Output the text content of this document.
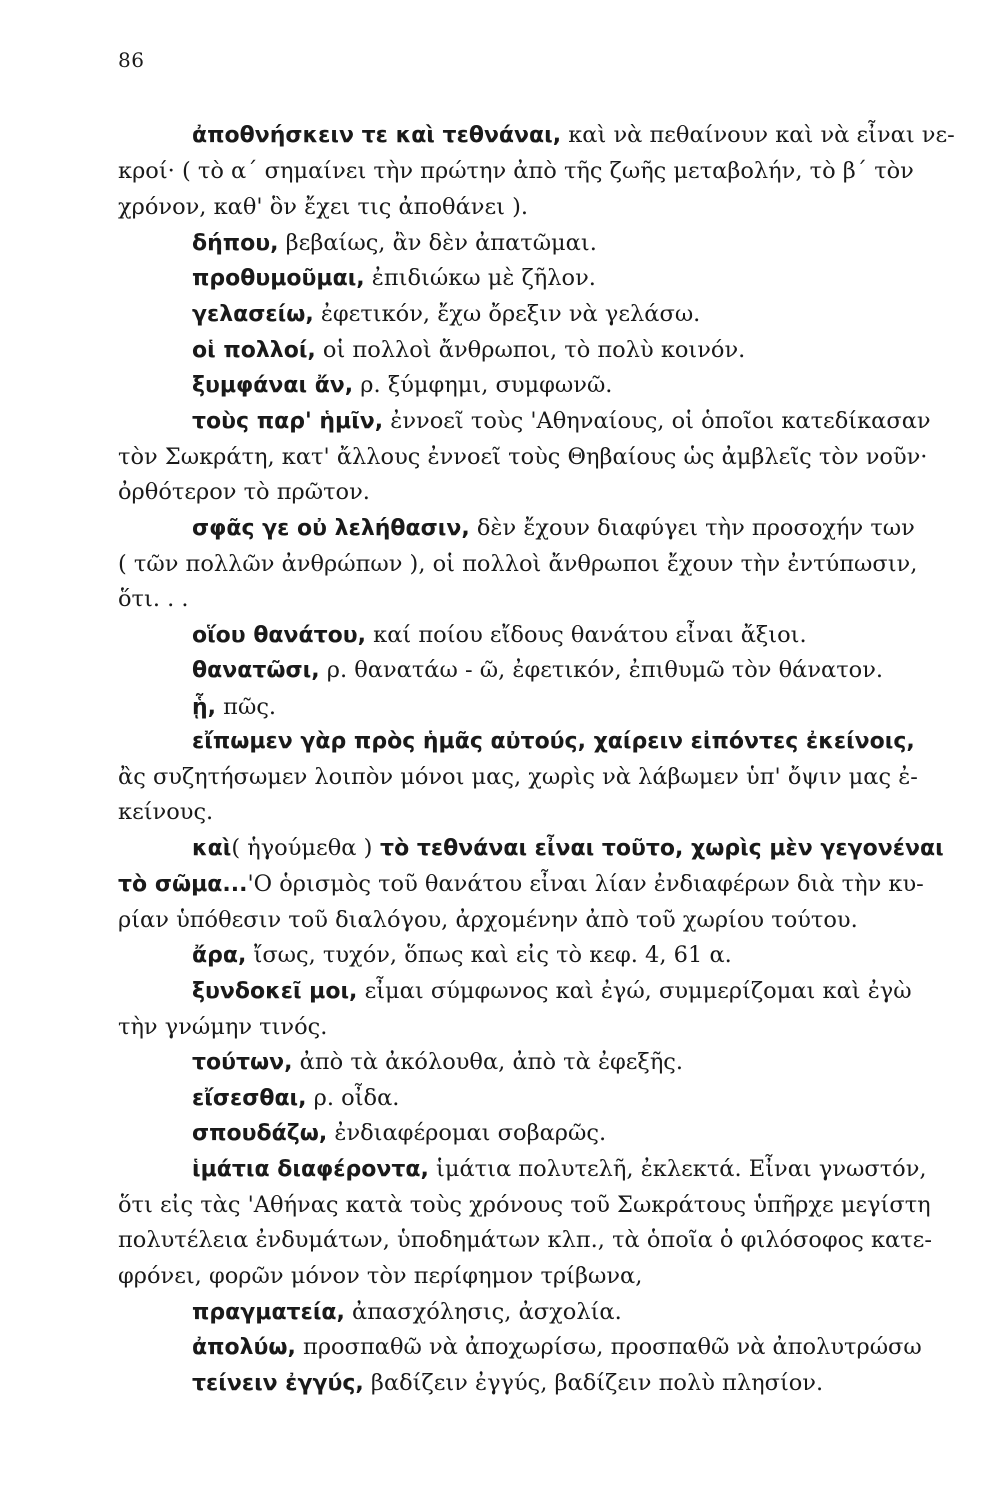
86
ἀποθνήσκειν τε καὶ τεθνάναι, καὶ νὰ πεθαίνουν καὶ νὰ εἶναι νε-
κροί· ( τὸ α΄ σημαίνει τὴν πρώτην ἀπὸ τῆς ζωῆς μεταβολήν, τὸ β΄ τὸν
χρόνον, καθ' ὃν ἔχει τις ἀποθάνει ).
δήπου, βεβαίως, ἂν δὲν ἀπατῶμαι.
προθυμοῦμαι, ἐπιδιώκω μὲ ζῆλον.
γελασείω, ἐφετικόν, ἔχω ὄρεξιν νὰ γελάσω.
οἱ πολλοί, οἱ πολλοὶ ἄνθρωποι, τὸ πολὺ κοινόν.
ξυμφάναι ἄν, ρ. ξύμφημι, συμφωνῶ.
τοὺς παρ' ἡμῖν, ἐννοεῖ τοὺς 'Αθηναίους, οἱ ὁποῖοι κατεδίκασαν
τὸν Σωκράτη, κατ' ἄλλους ἐννοεῖ τοὺς Θηβαίους ὡς ἀμβλεῖς τὸν νοῦν·
ὀρθότερον τὸ πρῶτον.
σφᾶς γε οὐ λελήθασιν, δὲν ἔχουν διαφύγει τὴν προσοχήν των
( τῶν πολλῶν ἀνθρώπων ), οἱ πολλοὶ ἄνθρωποι ἔχουν τὴν ἐντύπωσιν,
ὅτι. . .
οἵου θανάτου, καί ποίου εἴδους θανάτου εἶναι ἄξιοι.
θανατῶσι, ρ. θανατάω - ῶ, ἐφετικόν, ἐπιθυμῶ τὸν θάνατον.
ᾗ, πῶς.
εἴπωμεν γὰρ πρὸς ἡμᾶς αὐτούς, χαίρειν εἰπόντες ἐκείνοις,
ἂς συζητήσωμεν λοιπὸν μόνοι μας, χωρὶς νὰ λάβωμεν ὑπ' ὄψιν μας ἐ-
κείνους.
καὶ( ἡγούμεθα ) τὸ τεθνάναι εἶναι τοῦτο, χωρὶς μὲν γεγονέναι
τὸ σῶμα...'Ο ὁρισμὸς τοῦ θανάτου εἶναι λίαν ἐνδιαφέρων διὰ τὴν κυ-
ρίαν ὑπόθεσιν τοῦ διαλόγου, ἀρχομένην ἀπὸ τοῦ χωρίου τούτου.
ἄρα, ἴσως, τυχόν, ὅπως καὶ εἰς τὸ κεφ. 4, 61 α.
ξυνδοκεῖ μοι, εἶμαι σύμφωνος καὶ ἐγώ, συμμερίζομαι καὶ ἐγὼ
τὴν γνώμην τινός.
τούτων, ἀπὸ τὰ ἀκόλουθα, ἀπὸ τὰ ἐφεξῆς.
εἴσεσθαι, ρ. οἶδα.
σπουδάζω, ἐνδιαφέρομαι σοβαρῶς.
ἱμάτια διαφέροντα, ἱμάτια πολυτελῆ, ἐκλεκτά. Εἶναι γνωστόν,
ὅτι εἰς τὰς 'Αθήνας κατὰ τοὺς χρόνους τοῦ Σωκράτους ὑπῆρχε μεγίστη
πολυτέλεια ἐνδυμάτων, ὑποδημάτων κλπ., τὰ ὁποῖα ὁ φιλόσοφος κατε-
φρόνει, φορῶν μόνον τὸν περίφημον τρίβωνα,
πραγματεία, ἀπασχόλησις, ἀσχολία.
ἀπολύω, προσπαθῶ νὰ ἀποχωρίσω, προσπαθῶ νὰ ἀπολυτρώσω
τείνειν ἐγγύς, βαδίζειν ἐγγύς, βαδίζειν πολὺ πλησίον.
